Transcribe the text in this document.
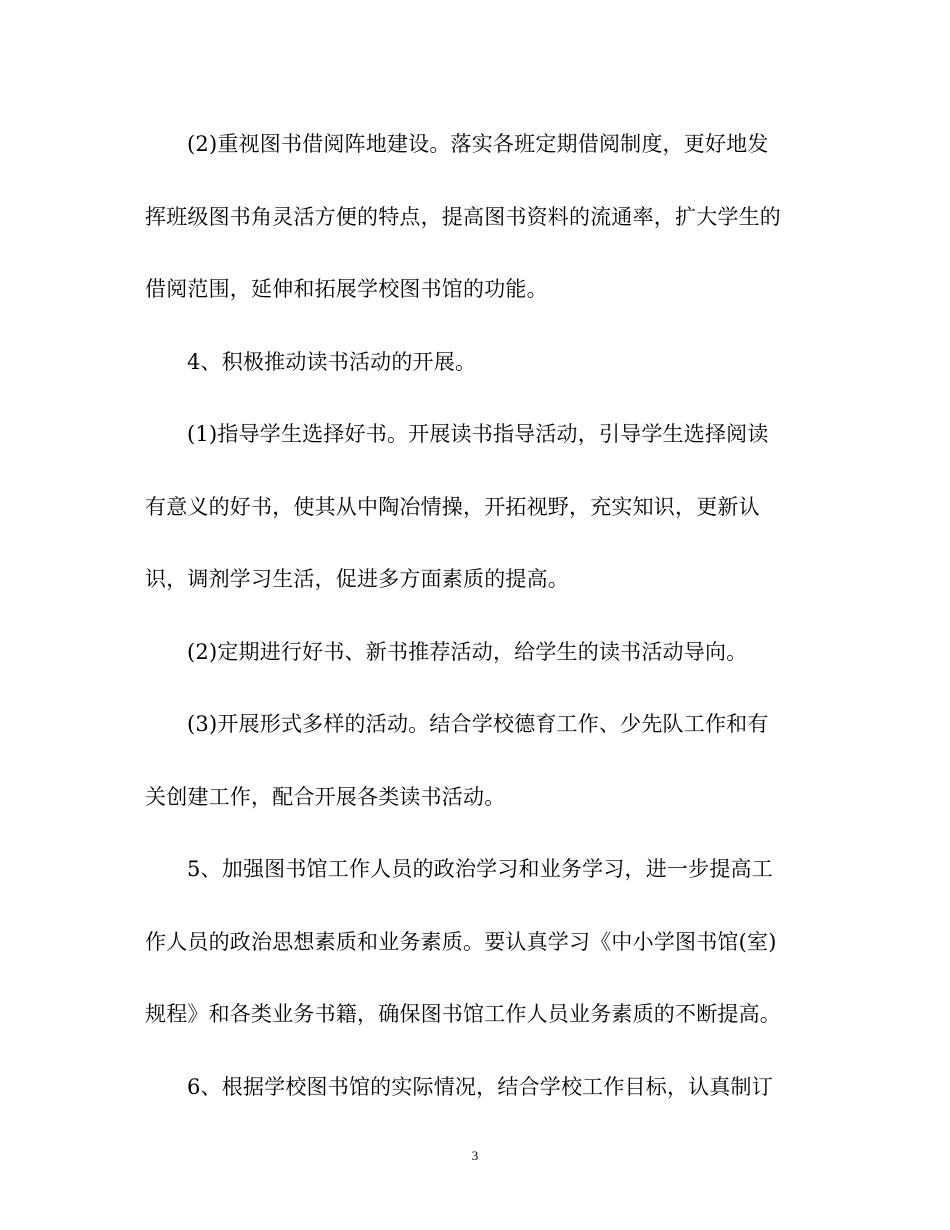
(2)重视图书借阅阵地建设。落实各班定期借阅制度，更好地发
挥班级图书角灵活方便的特点，提高图书资料的流通率，扩大学生的
借阅范围，延伸和拓展学校图书馆的功能。
4、积极推动读书活动的开展。
(1)指导学生选择好书。开展读书指导活动，引导学生选择阅读
有意义的好书，使其从中陶冶情操，开拓视野，充实知识，更新认
识，调剂学习生活，促进多方面素质的提高。
(2)定期进行好书、新书推荐活动，给学生的读书活动导向。
(3)开展形式多样的活动。结合学校德育工作、少先队工作和有
关创建工作，配合开展各类读书活动。
5、加强图书馆工作人员的政治学习和业务学习，进一步提高工
作人员的政治思想素质和业务素质。要认真学习《中小学图书馆(室)
规程》和各类业务书籍，确保图书馆工作人员业务素质的不断提高。
6、根据学校图书馆的实际情况，结合学校工作目标，认真制订
3
